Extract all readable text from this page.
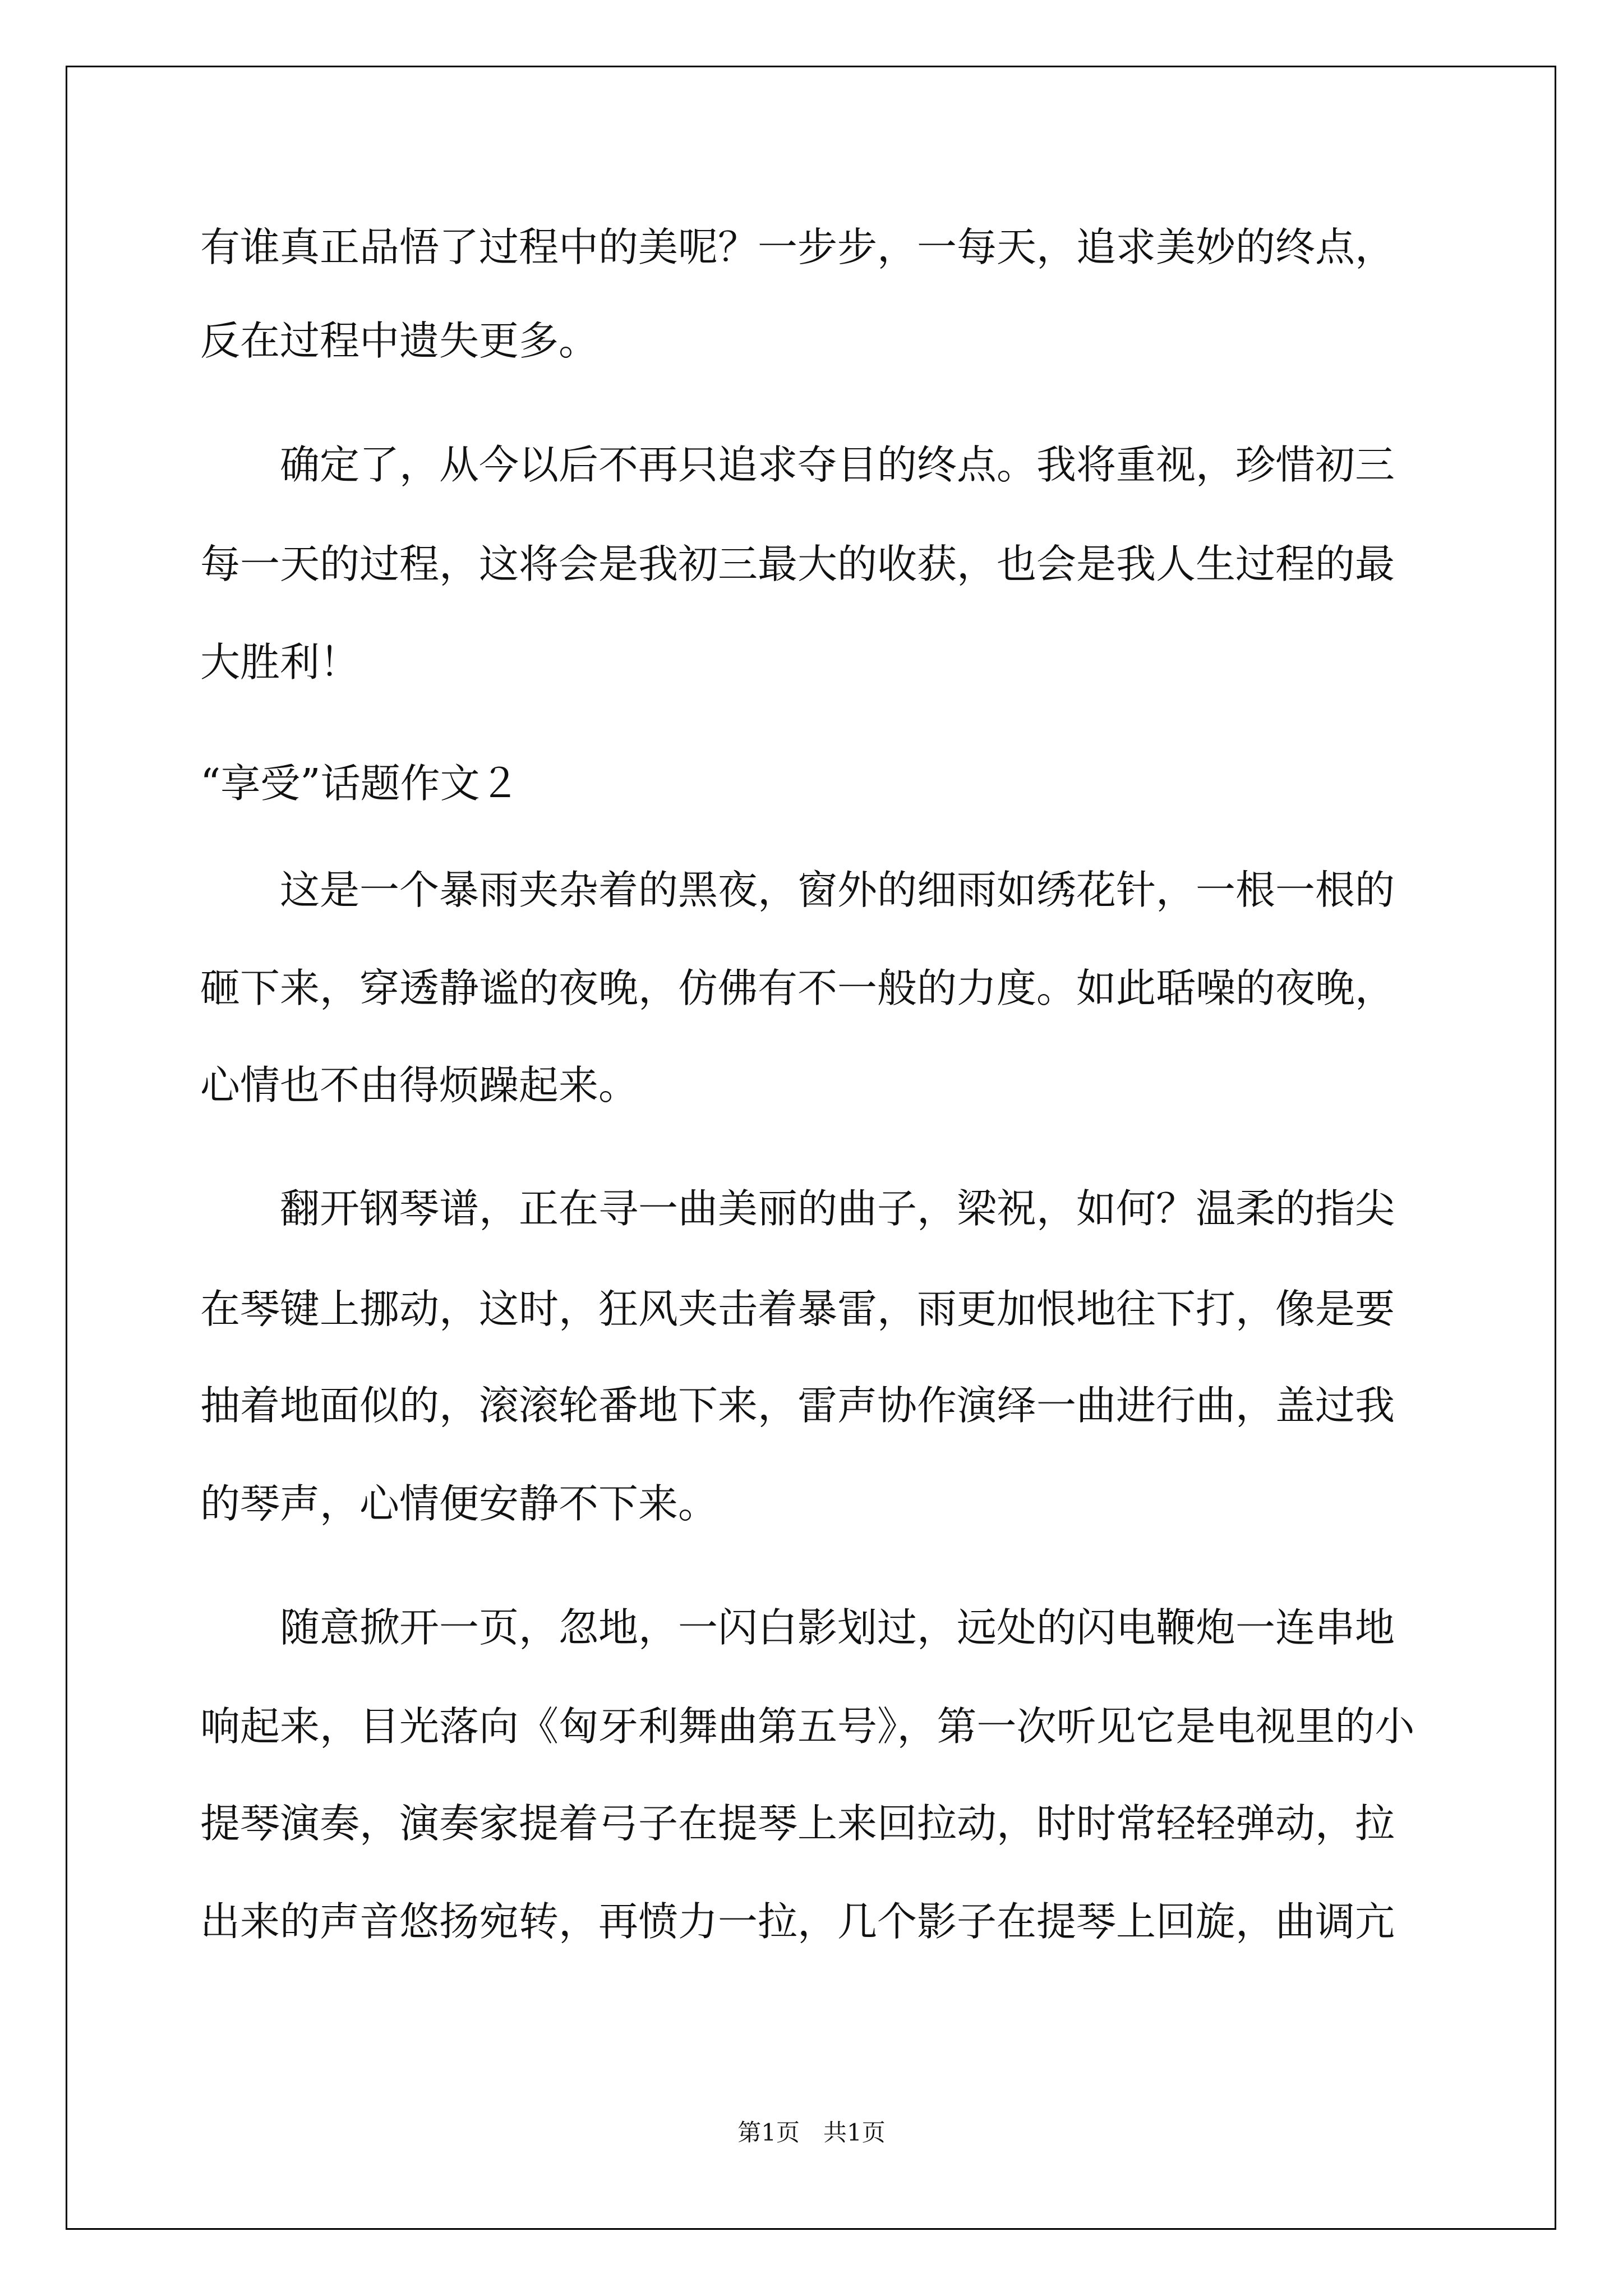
有谁真正品悟了过程中的美呢？一步步，一每天，追求美妙的终点，
反在过程中遗失更多。
　　确定了，从今以后不再只追求夺目的终点。我将重视，珍惜初三
每一天的过程，这将会是我初三最大的收获，也会是我人生过程的最
大胜利！
“享受”话题作文２
　　这是一个暴雨夹杂着的黑夜，窗外的细雨如绣花针，一根一根的
砸下来，穿透静谧的夜晚，仿佛有不一般的力度。如此聒噪的夜晚，
心情也不由得烦躁起来。
　　翻开钢琴谱，正在寻一曲美丽的曲子，梁祝，如何？温柔的指尖
在琴键上挪动，这时，狂风夹击着暴雷，雨更加恨地往下打，像是要
抽着地面似的，滚滚轮番地下来，雷声协作演绎一曲进行曲，盖过我
的琴声，心情便安静不下来。
　　随意掀开一页，忽地，一闪白影划过，远处的闪电鞭炮一连串地
响起来，目光落向《匈牙利舞曲第五号》，第一次听见它是电视里的小
提琴演奏，演奏家提着弓子在提琴上来回拉动，时时常轻轻弹动，拉
出来的声音悠扬宛转，再愤力一拉，几个影子在提琴上回旋，曲调亢
第1页　共1页
